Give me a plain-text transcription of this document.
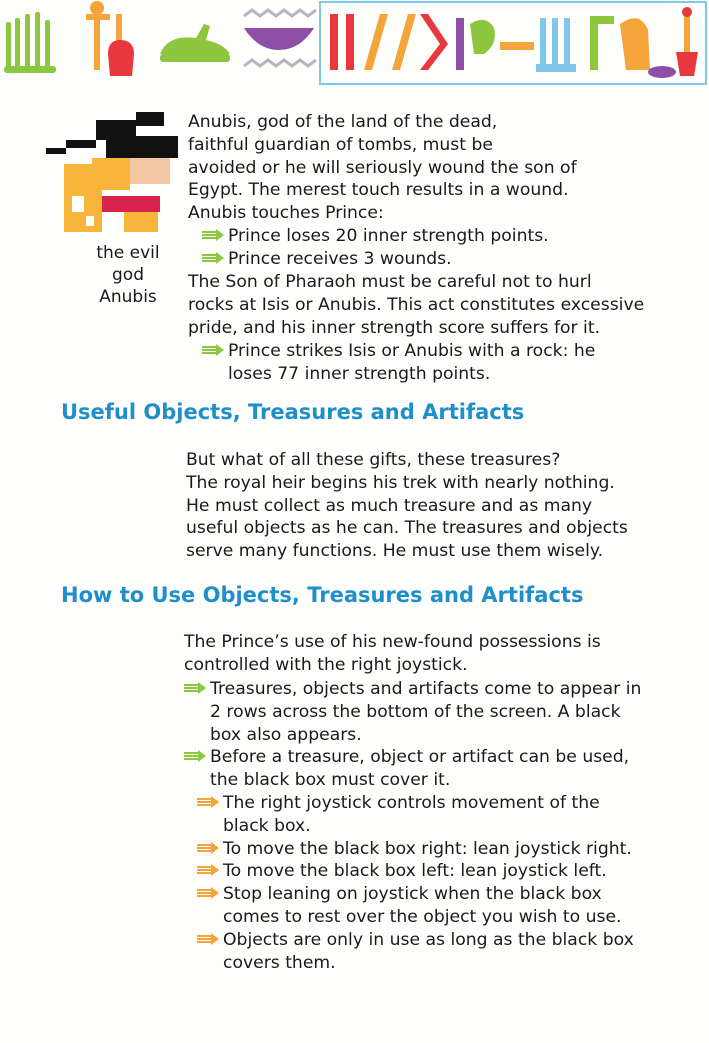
the evil
god
Anubis
Anubis, god of the land of the dead,
faithful guardian of tombs, must be
avoided or he will seriously wound the son of
Egypt. The merest touch results in a wound.
Anubis touches Prince:
Prince loses 20 inner strength points.
Prince receives 3 wounds.
The Son of Pharaoh must be careful not to hurl
rocks at Isis or Anubis. This act constitutes excessive
pride, and his inner strength score suffers for it.
Prince strikes Isis or Anubis with a rock: he
loses 77 inner strength points.
Useful Objects, Treasures and Artifacts
But what of all these gifts, these treasures?
The royal heir begins his trek with nearly nothing.
He must collect as much treasure and as many
useful objects as he can. The treasures and objects
serve many functions. He must use them wisely.
How to Use Objects, Treasures and Artifacts
The Prince’s use of his new-found possessions is
controlled with the right joystick.
Treasures, objects and artifacts come to appear in
2 rows across the bottom of the screen. A black
box also appears.
Before a treasure, object or artifact can be used,
the black box must cover it.
The right joystick controls movement of the
black box.
To move the black box right: lean joystick right.
To move the black box left: lean joystick left.
Stop leaning on joystick when the black box
comes to rest over the object you wish to use.
Objects are only in use as long as the black box
covers them.
